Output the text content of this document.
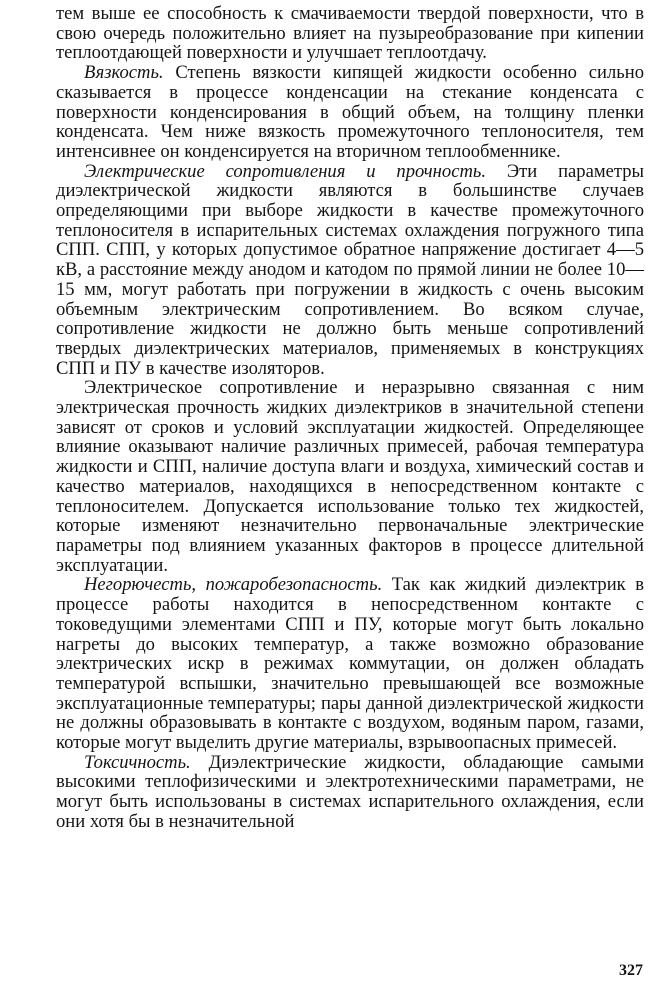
тем выше ее способность к смачиваемости твердой поверхности, что в свою очередь положительно влияет на пузыреобразование при кипении теплоотдающей поверхности и улучшает теплоотдачу.

Вязкость. Степень вязкости кипящей жидкости особенно сильно сказывается в процессе конденсации на стекание конденсата с поверхности конденсирования в общий объем, на толщину пленки конденсата. Чем ниже вязкость промежуточного теплоносителя, тем интенсивнее он конденсируется на вторичном теплообменнике.

Электрические сопротивления и прочность. Эти параметры диэлектрической жидкости являются в большинстве случаев определяющими при выборе жидкости в качестве промежуточного теплоносителя в испарительных системах охлаждения погружного типа СПП. СПП, у которых допустимое обратное напряжение достигает 4—5 кВ, а расстояние между анодом и катодом по прямой линии не более 10—15 мм, могут работать при погружении в жидкость с очень высоким объемным электрическим сопротивлением. Во всяком случае, сопротивление жидкости не должно быть меньше сопротивлений твердых диэлектрических материалов, применяемых в конструкциях СПП и ПУ в качестве изоляторов.

Электрическое сопротивление и неразрывно связанная с ним электрическая прочность жидких диэлектриков в значительной степени зависят от сроков и условий эксплуатации жидкостей. Определяющее влияние оказывают наличие различных примесей, рабочая температура жидкости и СПП, наличие доступа влаги и воздуха, химический состав и качество материалов, находящихся в непосредственном контакте с теплоносителем. Допускается использование только тех жидкостей, которые изменяют незначительно первоначальные электрические параметры под влиянием указанных факторов в процессе длительной эксплуатации.

Негорючесть, пожаробезопасность. Так как жидкий диэлектрик в процессе работы находится в непосредственном контакте с токоведущими элементами СПП и ПУ, которые могут быть локально нагреты до высоких температур, а также возможно образование электрических искр в режимах коммутации, он должен обладать температурой вспышки, значительно превышающей все возможные эксплуатационные температуры; пары данной диэлектрической жидкости не должны образовывать в контакте с воздухом, водяным паром, газами, которые могут выделить другие материалы, взрывоопасных примесей.

Токсичность. Диэлектрические жидкости, обладающие самыми высокими теплофизическими и электротехническими параметрами, не могут быть использованы в системах испарительного охлаждения, если они хотя бы в незначительной

327
